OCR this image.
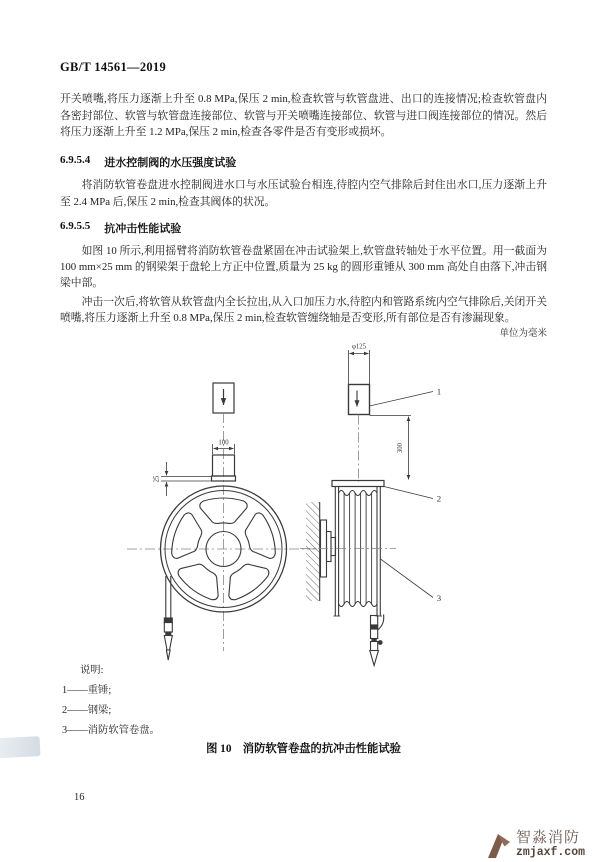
GB/T 14561—2019
开关喷嘴,将压力逐渐上升至 0.8 MPa,保压 2 min,检查软管与软管盘进、出口的连接情况;检查软管盘内各密封部位、软管与软管盘连接部位、软管与开关喷嘴连接部位、软管与进口阀连接部位的情况。然后将压力逐渐上升至 1.2 MPa,保压 2 min,检查各零件是否有变形或损坏。
6.9.5.4 进水控制阀的水压强度试验
将消防软管卷盘进水控制阀进水口与水压试验台相连,待腔内空气排除后封住出水口,压力逐渐上升至 2.4 MPa 后,保压 2 min,检查其阀体的状况。
6.9.5.5 抗冲击性能试验
如图 10 所示,利用摇臂将消防软管卷盘紧固在冲击试验架上,软管盘转轴处于水平位置。用一截面为 100 mm×25 mm 的钢梁架于盘轮上方正中位置,质量为 25 kg 的圆形重锤从 300 mm 高处自由落下,冲击钢梁中部。
冲击一次后,将软管从软管盘内全长拉出,从入口加压力水,待腔内和管路系统内空气排除后,关闭开关喷嘴,将压力逐渐上升至 0.8 MPa,保压 2 min,检查软管缠绕轴是否变形,所有部位是否有渗漏现象。
单位为毫米
100
25
φ125
1
300
2
3
说明:
1——重锤;
2——钢梁;
3——消防软管卷盘。
图 10　消防软管卷盘的抗冲击性能试验
16
智淼消防
zmjaxf.com
